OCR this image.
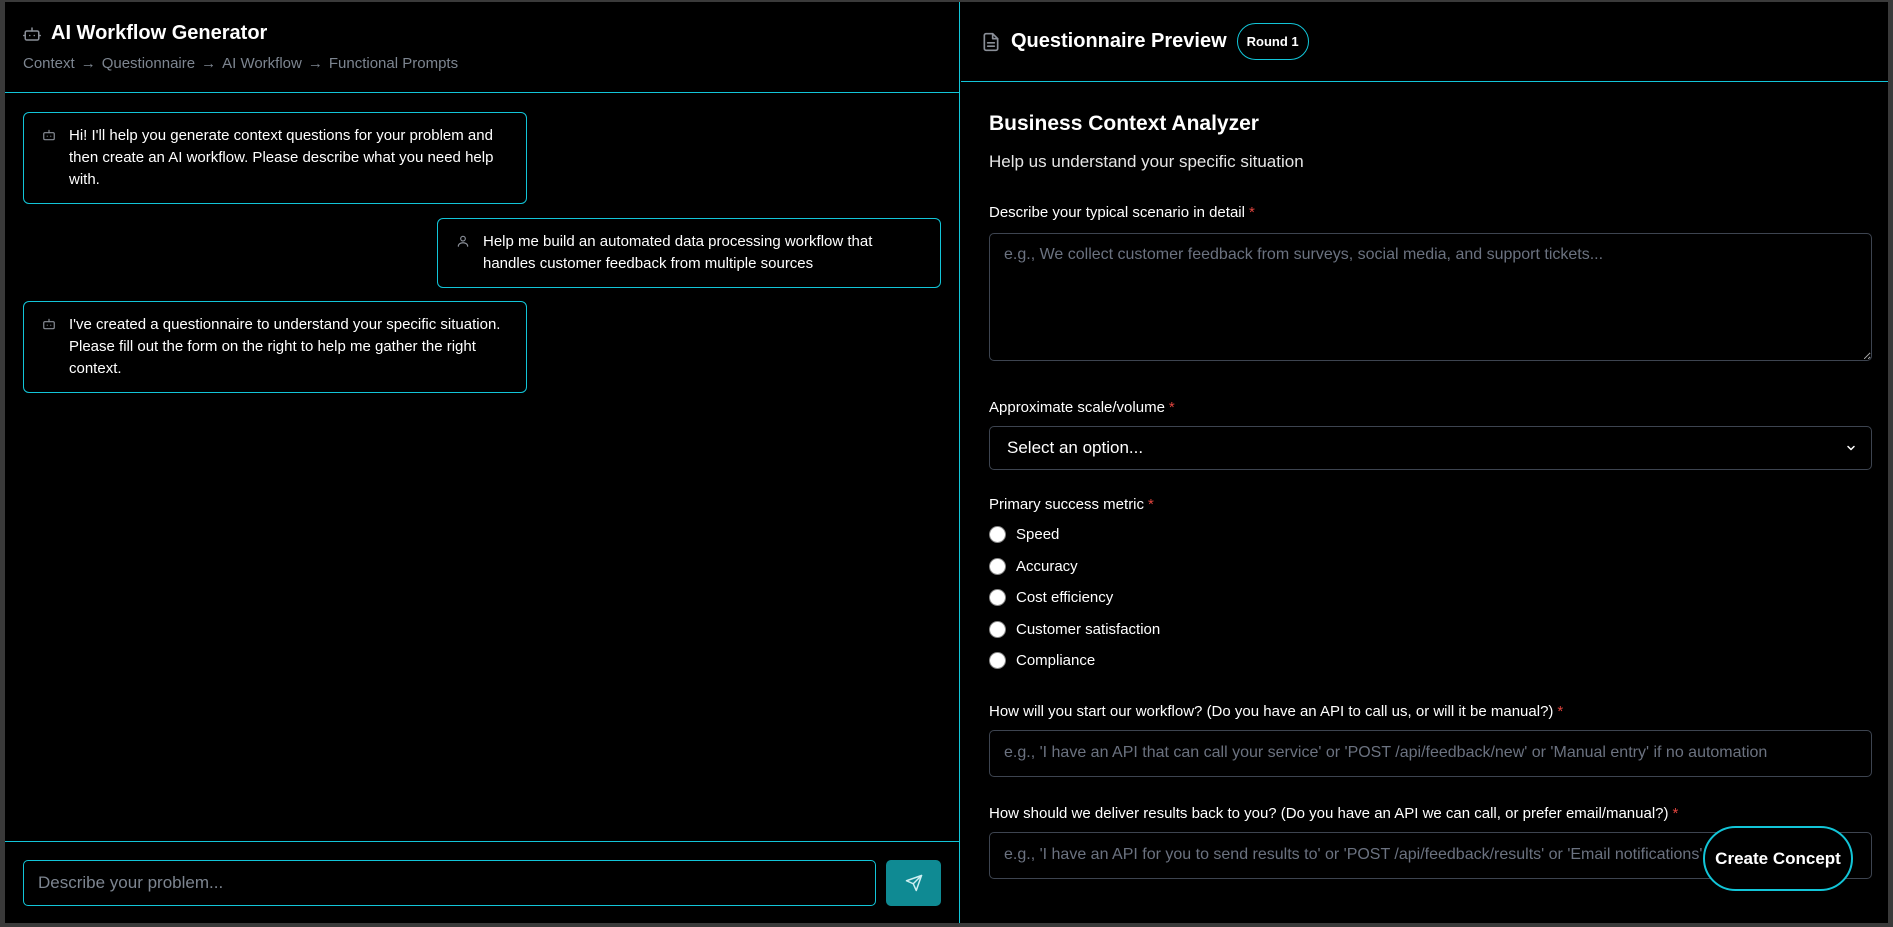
AI Workflow Generator
Context → Questionnaire → AI Workflow → Functional Prompts
Hi! I'll help you generate context questions for your problem and then create an AI workflow. Please describe what you need help with.
Help me build an automated data processing workflow that handles customer feedback from multiple sources
I've created a questionnaire to understand your specific situation. Please fill out the form on the right to help me gather the right context.
Describe your problem...
Questionnaire Preview	Round 1
Business Context Analyzer
Help us understand your specific situation
Describe your typical scenario in detail *
e.g., We collect customer feedback from surveys, social media, and support tickets...
Approximate scale/volume *
Select an option...
Primary success metric *
Speed
Accuracy
Cost efficiency
Customer satisfaction
Compliance
How will you start our workflow? (Do you have an API to call us, or will it be manual?) *
e.g., 'I have an API that can call your service' or 'POST /api/feedback/new' or 'Manual entry' if no automation
How should we deliver results back to you? (Do you have an API we can call, or prefer email/manual?) *
e.g., 'I have an API for you to send results to' or 'POST /api/feedback/results' or 'Email notifications'
Create Concept
